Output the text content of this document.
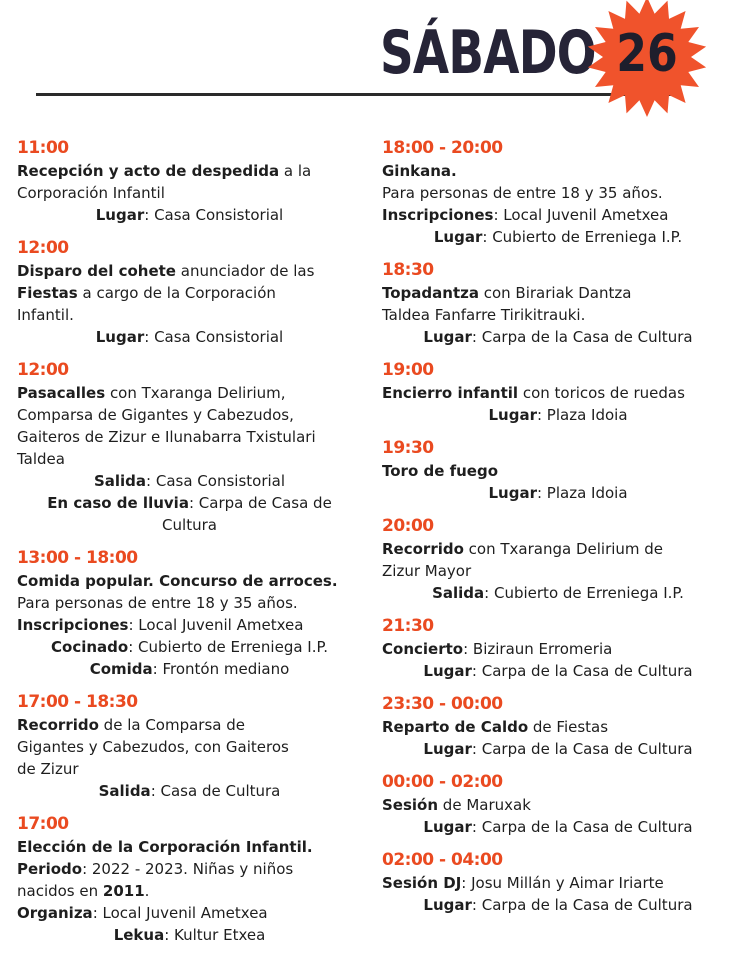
SÁBADO 26
11:00
Recepción y acto de despedida a la
Corporación Infantil
Lugar: Casa Consistorial
12:00
Disparo del cohete anunciador de las
Fiestas a cargo de la Corporación
Infantil.
Lugar: Casa Consistorial
12:00
Pasacalles con Txaranga Delirium,
Comparsa de Gigantes y Cabezudos,
Gaiteros de Zizur e Ilunabarra Txistulari
Taldea
Salida: Casa Consistorial
En caso de lluvia: Carpa de Casa de
Cultura
13:00 - 18:00
Comida popular. Concurso de arroces.
Para personas de entre 18 y 35 años.
Inscripciones: Local Juvenil Ametxea
Cocinado: Cubierto de Erreniega I.P.
Comida: Frontón mediano
17:00 - 18:30
Recorrido de la Comparsa de
Gigantes y Cabezudos, con Gaiteros
de Zizur
Salida: Casa de Cultura
17:00
Elección de la Corporación Infantil.
Periodo: 2022 - 2023. Niñas y niños
nacidos en 2011.
Organiza: Local Juvenil Ametxea
Lekua: Kultur Etxea
18:00 - 20:00
Ginkana.
Para personas de entre 18 y 35 años.
Inscripciones: Local Juvenil Ametxea
Lugar: Cubierto de Erreniega I.P.
18:30
Topadantza con Birariak Dantza
Taldea Fanfarre Tirikitrauki.
Lugar: Carpa de la Casa de Cultura
19:00
Encierro infantil con toricos de ruedas
Lugar: Plaza Idoia
19:30
Toro de fuego
Lugar: Plaza Idoia
20:00
Recorrido con Txaranga Delirium de
Zizur Mayor
Salida: Cubierto de Erreniega I.P.
21:30
Concierto: Biziraun Erromeria
Lugar: Carpa de la Casa de Cultura
23:30 - 00:00
Reparto de Caldo de Fiestas
Lugar: Carpa de la Casa de Cultura
00:00 - 02:00
Sesión de Maruxak
Lugar: Carpa de la Casa de Cultura
02:00 - 04:00
Sesión DJ: Josu Millán y Aimar Iriarte
Lugar: Carpa de la Casa de Cultura
